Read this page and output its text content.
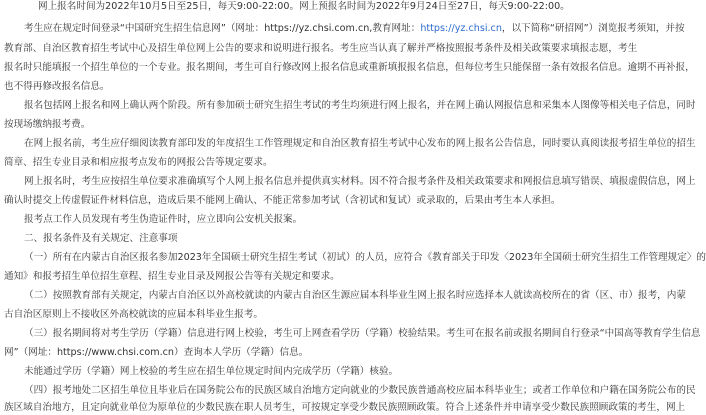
网上报名时间为2022年10月5日至25日，每天9:00-22:00。网上预报名时间为2022年9月24日至27日，每天9:00-22:00。
考生应在规定时间登录“中国研究生招生信息网”（网址：https://yz.chsi.com.cn,教育网址：https://yz.chsi.cn，以下简称“研招网”）浏览报考须知，并按
教育部、自治区教育招生考试中心及招生单位网上公告的要求和说明进行报名。考生应当认真了解并严格按照报考条件及相关政策要求填报志愿，考生
报名时只能填报一个招生单位的一个专业。报名期间，考生可自行修改网上报名信息或重新填报报名信息，但每位考生只能保留一条有效报名信息。逾期不再补报，
也不得再修改报名信息。
报名包括网上报名和网上确认两个阶段。所有参加硕士研究生招生考试的考生均须进行网上报名，并在网上确认网报信息和采集本人图像等相关电子信息，同时
按现场缴纳报考费。
在网上报名前，考生应仔细阅读教育部印发的年度招生工作管理规定和自治区教育招生考试中心发布的网上报名公告信息，同时要认真阅读报考招生单位的招生
简章、招生专业目录和相应报考点发布的网报公告等规定要求。
网上报名时，考生应按招生单位要求准确填写个人网上报名信息并提供真实材料。因不符合报考条件及相关政策要求和网报信息填写错误、填报虚假信息，网上
确认时提交上传虚假证件材料信息，造成后果不能网上确认、不能正常参加考试（含初试和复试）或录取的，后果由考生本人承担。
报考点工作人员发现有考生伪造证件时，应立即向公安机关报案。
二、报名条件及有关规定、注意事项
（一）所有在内蒙古自治区报名参加2023年全国硕士研究生招生考试（初试）的人员，应符合《教育部关于印发〈2023年全国硕士研究生招生工作管理规定〉的
通知》和报考招生单位招生章程、招生专业目录及网报公告等有关规定和要求。
（二）按照教育部有关规定，内蒙古自治区以外高校就读的内蒙古自治区生源应届本科毕业生网上报名时应选择本人就读高校所在的省（区、市）报考，内蒙
古自治区原则上不接收区外高校就读的应届本科毕业生报考。
（三）报名期间将对考生学历（学籍）信息进行网上校验，考生可上网查看学历（学籍）校验结果。考生可在报名前或报名期间自行登录“中国高等教育学生信息
网”（网址：https://www.chsi.com.cn）查询本人学历（学籍）信息。
未能通过学历（学籍）网上校验的考生应在招生单位规定时间内完成学历（学籍）核验。
（四）报考地处二区招生单位且毕业后在国务院公布的民族区域自治地方定向就业的少数民族普通高校应届本科毕业生；或者工作单位和户籍在国务院公布的民
族区域自治地方，且定向就业单位为原单位的少数民族在职人员考生，可按规定享受少数民族照顾政策。符合上述条件并申请享受少数民族照顾政策的考生，网上
